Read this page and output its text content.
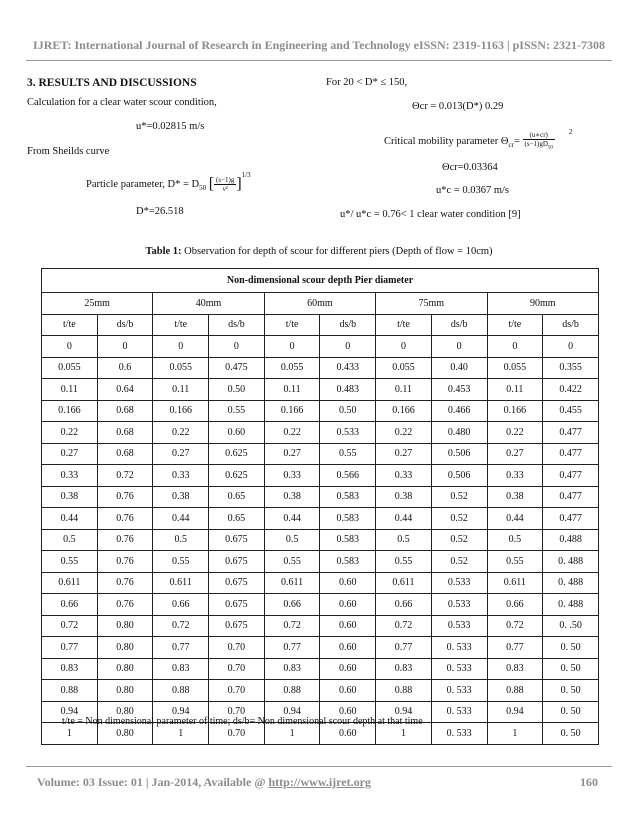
IJRET: International Journal of Research in Engineering and Technology eISSN: 2319-1163 | pISSN: 2321-7308
3. RESULTS AND DISCUSSIONS
Calculation for a clear water scour condition,
u*=0.02815 m/s
From Sheilds curve
Particle parameter, $D* = D_{50}$ [ $\frac{(s-1)g}{\text{ν²}} ]^{1/3}$
D*=26.518
For 20 < D* ≤ 150,
Θcr = 0.013(D*) 0.29
Critical mobility parameter $\Theta_{cr}= \frac{(u∗cr)}{(s-1)gD_{50}} ^2$
Θcr=0.03364
u*c = 0.0367 m/s
u*/ u*c = 0.76< 1 clear water condition [9]
Table 1: Observation for depth of scour for different piers (Depth of flow = 10cm)
Non-dimensional scour depth Pier diameter									
25mm		40mm		60mm		75mm		90mm	
t/te	ds/b	t/te	ds/b	t/te	ds/b	t/te	ds/b	t/te	ds/b
0	0	0	0	0	0	0	0	0	0
0.055	0.6	0.055	0.475	0.055	0.433	0.055	0.40	0.055	0.355
0.11	0.64	0.11	0.50	0.11	0.483	0.11	0.453	0.11	0.422
0.166	0.68	0.166	0.55	0.166	0.50	0.166	0.466	0.166	0.455
0.22	0.68	0.22	0.60	0.22	0.533	0.22	0.480	0.22	0.477
0.27	0.68	0.27	0.625	0.27	0.55	0.27	0.506	0.27	0.477
0.33	0.72	0.33	0.625	0.33	0.566	0.33	0.506	0.33	0.477
0.38	0.76	0.38	0.65	0.38	0.583	0.38	0.52	0.38	0.477
0.44	0.76	0.44	0.65	0.44	0.583	0.44	0.52	0.44	0.477
0.5	0.76	0.5	0.675	0.5	0.583	0.5	0.52	0.5	0.488
0.55	0.76	0.55	0.675	0.55	0.583	0.55	0.52	0.55	0. 488
0.611	0.76	0.611	0.675	0.611	0.60	0.611	0.533	0.611	0. 488
0.66	0.76	0.66	0.675	0.66	0.60	0.66	0.533	0.66	0. 488
0.72	0.80	0.72	0.675	0.72	0.60	0.72	0.533	0.72	0. .50
0.77	0.80	0.77	0.70	0.77	0.60	0.77	0. 533	0.77	0. 50
0.83	0.80	0.83	0.70	0.83	0.60	0.83	0. 533	0.83	0. 50
0.88	0.80	0.88	0.70	0.88	0.60	0.88	0. 533	0.88	0. 50
0.94	0.80	0.94	0.70	0.94	0.60	0.94	0. 533	0.94	0. 50
1	0.80	1	0.70	1	0.60	1	0. 533	1	0. 50
t/te = Non dimensional parameter of time; ds/b= Non dimensional scour depth at that time
Volume: 03 Issue: 01 | Jan-2014, Available @ http://www.ijret.org	160
